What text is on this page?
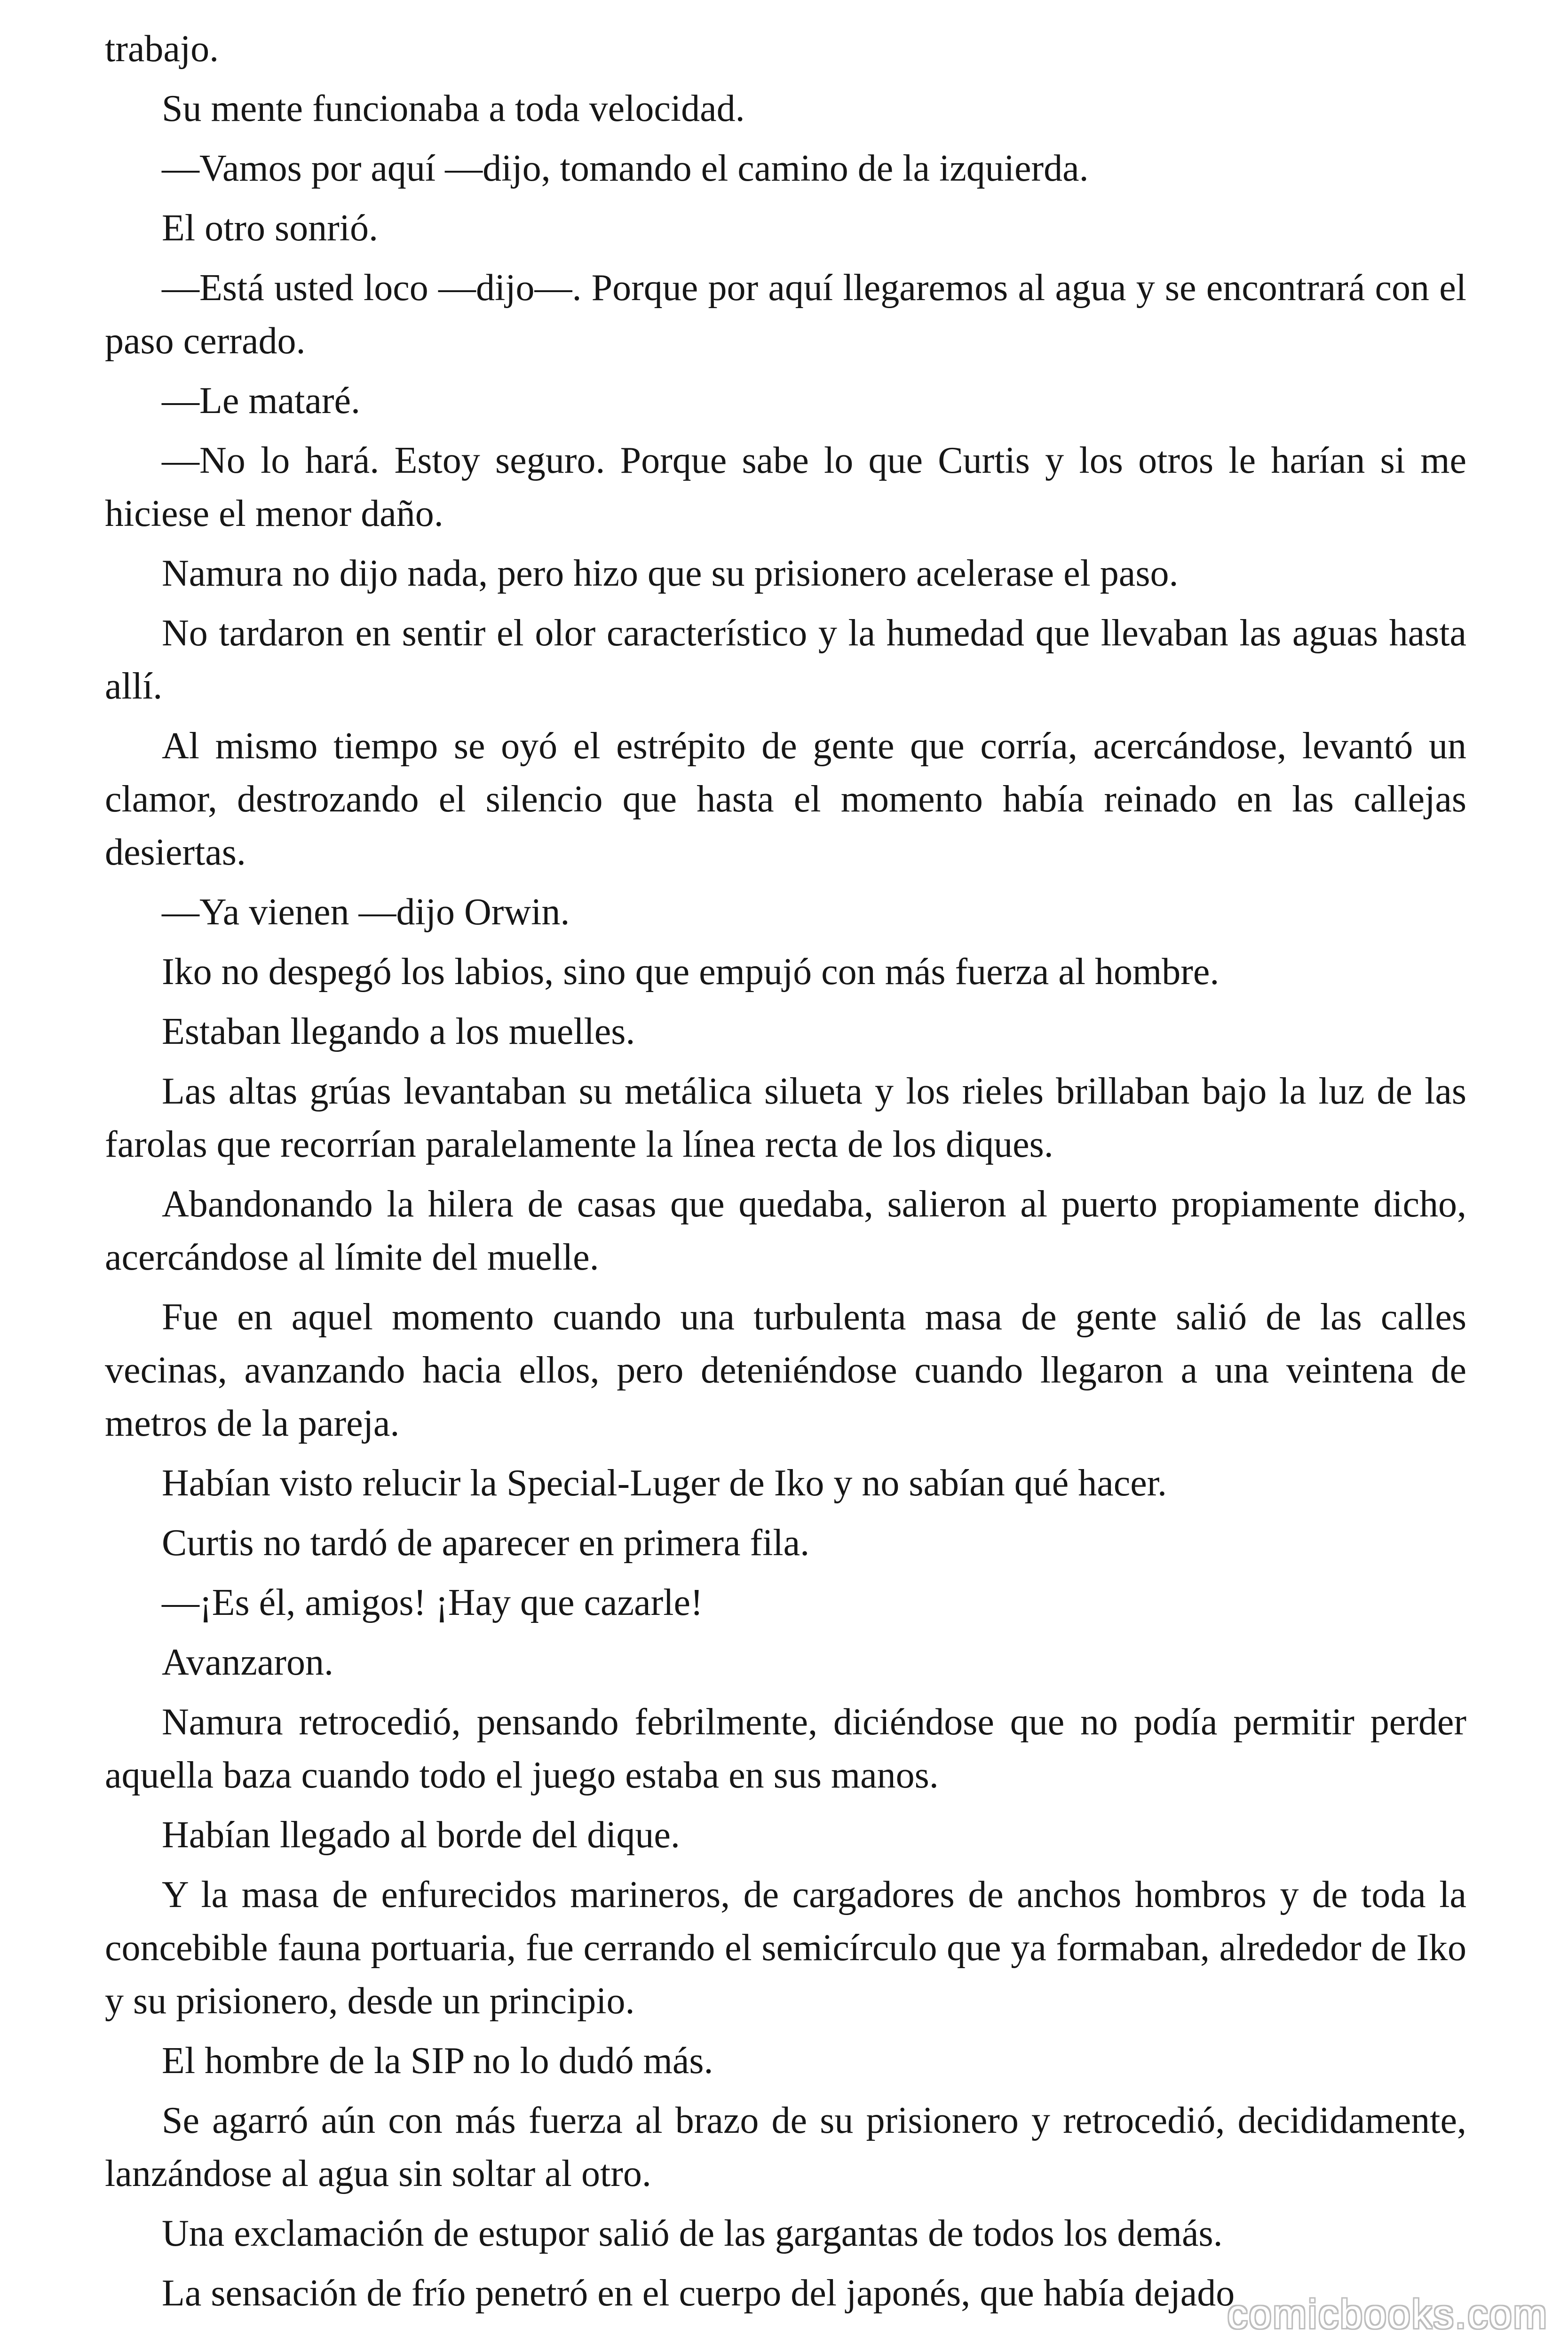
trabajo.

Su mente funcionaba a toda velocidad.

—Vamos por aquí —dijo, tomando el camino de la izquierda.

El otro sonrió.

—Está usted loco —dijo—. Porque por aquí llegaremos al agua y se encontrará con el paso cerrado.

—Le mataré.

—No lo hará. Estoy seguro. Porque sabe lo que Curtis y los otros le harían si me hiciese el menor daño.

Namura no dijo nada, pero hizo que su prisionero acelerase el paso.

No tardaron en sentir el olor característico y la humedad que llevaban las aguas hasta allí.

Al mismo tiempo se oyó el estrépito de gente que corría, acercándose, levantó un clamor, destrozando el silencio que hasta el momento había reinado en las callejas desiertas.

—Ya vienen —dijo Orwin.

Iko no despegó los labios, sino que empujó con más fuerza al hombre.

Estaban llegando a los muelles.

Las altas grúas levantaban su metálica silueta y los rieles brillaban bajo la luz de las farolas que recorrían paralelamente la línea recta de los diques.

Abandonando la hilera de casas que quedaba, salieron al puerto propiamente dicho, acercándose al límite del muelle.

Fue en aquel momento cuando una turbulenta masa de gente salió de las calles vecinas, avanzando hacia ellos, pero deteniéndose cuando llegaron a una veintena de metros de la pareja.

Habían visto relucir la Special-Luger de Iko y no sabían qué hacer.

Curtis no tardó de aparecer en primera fila.

—¡Es él, amigos! ¡Hay que cazarle!

Avanzaron.

Namura retrocedió, pensando febrilmente, diciéndose que no podía permitir perder aquella baza cuando todo el juego estaba en sus manos.

Habían llegado al borde del dique.

Y la masa de enfurecidos marineros, de cargadores de anchos hombros y de toda la concebible fauna portuaria, fue cerrando el semicírculo que ya formaban, alrededor de Iko y su prisionero, desde un principio.

El hombre de la SIP no lo dudó más.

Se agarró aún con más fuerza al brazo de su prisionero y retrocedió, decididamente, lanzándose al agua sin soltar al otro.

Una exclamación de estupor salió de las gargantas de todos los demás.

La sensación de frío penetró en el cuerpo del japonés, que había dejado

comicbooks.com
